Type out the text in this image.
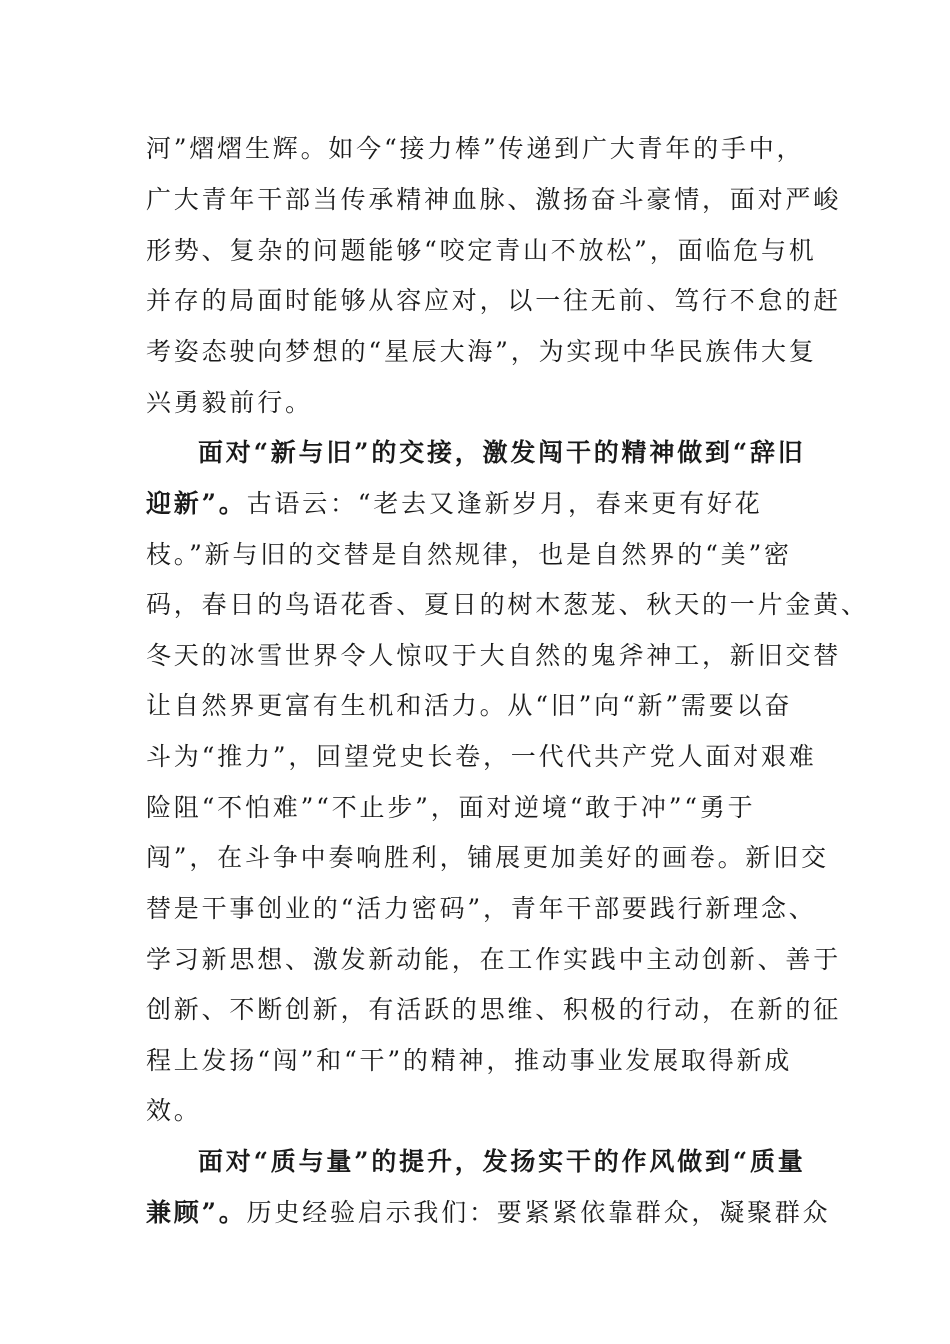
河”熠熠生辉。如今“接力棒”传递到广大青年的手中，
广大青年干部当传承精神血脉、激扬奋斗豪情，面对严峻
形势、复杂的问题能够“咬定青山不放松”，面临危与机
并存的局面时能够从容应对，以一往无前、笃行不怠的赶
考姿态驶向梦想的“星辰大海”，为实现中华民族伟大复
兴勇毅前行。
面对“新与旧”的交接，激发闯干的精神做到“辞旧
迎新”。古语云：“老去又逢新岁月，春来更有好花
枝。”新与旧的交替是自然规律，也是自然界的“美”密
码，春日的鸟语花香、夏日的树木葱茏、秋天的一片金黄、
冬天的冰雪世界令人惊叹于大自然的鬼斧神工，新旧交替
让自然界更富有生机和活力。从“旧”向“新”需要以奋
斗为“推力”，回望党史长卷，一代代共产党人面对艰难
险阻“不怕难”“不止步”，面对逆境“敢于冲”“勇于
闯”，在斗争中奏响胜利，铺展更加美好的画卷。新旧交
替是干事创业的“活力密码”，青年干部要践行新理念、
学习新思想、激发新动能，在工作实践中主动创新、善于
创新、不断创新，有活跃的思维、积极的行动，在新的征
程上发扬“闯”和“干”的精神，推动事业发展取得新成
效。
面对“质与量”的提升，发扬实干的作风做到“质量
兼顾”。历史经验启示我们：要紧紧依靠群众，凝聚群众
